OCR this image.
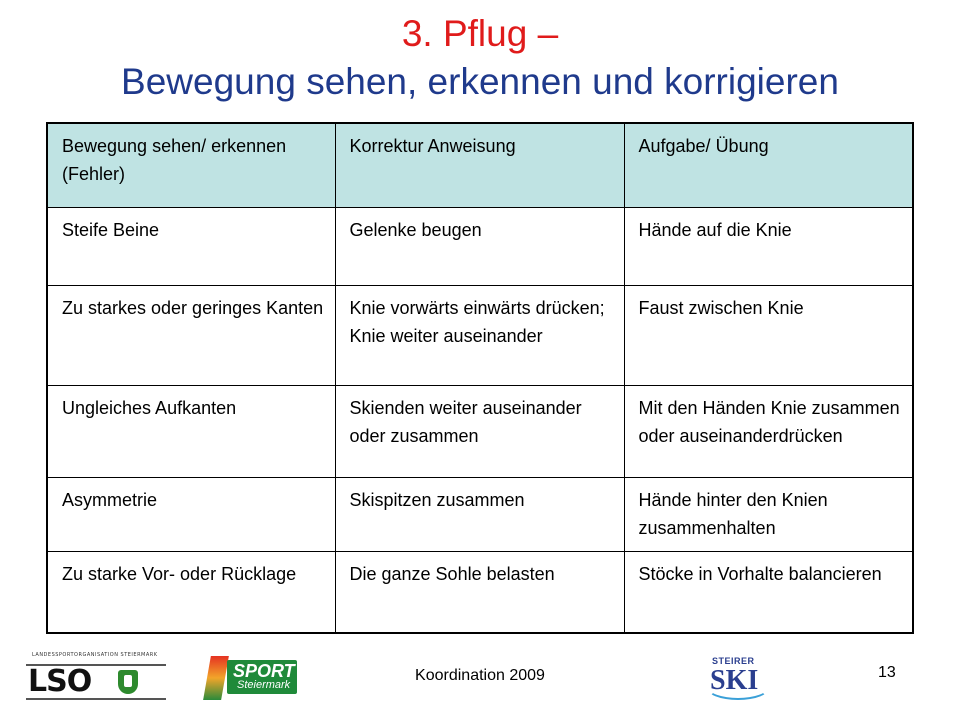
3. Pflug –
Bewegung sehen, erkennen und korrigieren
Bewegung sehen/ erkennen (Fehler)	Korrektur Anweisung	Aufgabe/ Übung
Steife Beine	Gelenke beugen	Hände auf die Knie
Zu starkes oder geringes Kanten	Knie vorwärts einwärts drücken; Knie weiter auseinander	Faust zwischen Knie
Ungleiches Aufkanten	Skienden weiter auseinander oder zusammen	Mit den Händen Knie zusammen oder auseinanderdrücken
Asymmetrie	Skispitzen zusammen	Hände hinter den Knien zusammenhalten
Zu starke Vor- oder Rücklage	Die ganze Sohle belasten	Stöcke in Vorhalte balancieren
LANDESSPORTORGANISATION STEIERMARK
LSO	SPORT
Steiermark
Koordination 2009
STEIRER
SKI	13
